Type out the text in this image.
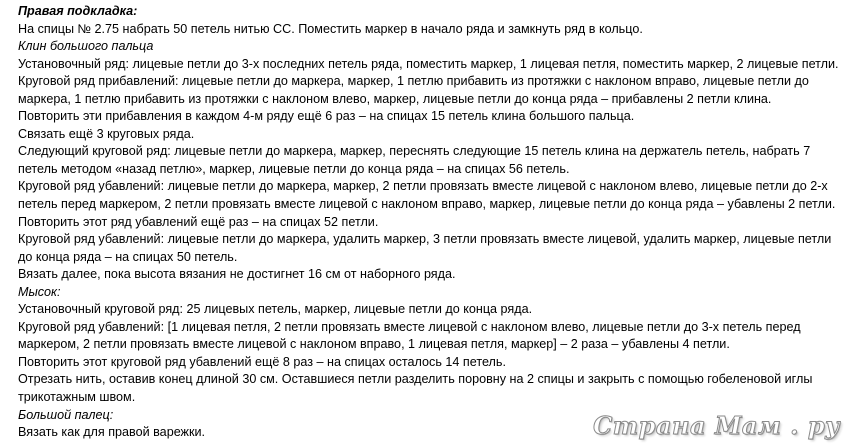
Правая подкладка:
На спицы № 2.75 набрать 50 петель нитью СС. Поместить маркер в начало ряда и замкнуть ряд в кольцо.
Клин большого пальца
Установочный ряд: лицевые петли до 3-х последних петель ряда, поместить маркер, 1 лицевая петля, поместить маркер, 2 лицевые петли.
Круговой ряд прибавлений: лицевые петли до маркера, маркер, 1 петлю прибавить из протяжки с наклоном вправо, лицевые петли до
маркера, 1 петлю прибавить из протяжки с наклоном влево, маркер, лицевые петли до конца ряда – прибавлены 2 петли клина.
Повторить эти прибавления в каждом 4-м ряду ещё 6 раз – на спицах 15 петель клина большого пальца.
Связать ещё 3 круговых ряда.
Следующий круговой ряд: лицевые петли до маркера, маркер, переснять следующие 15 петель клина на держатель петель, набрать 7
петель методом «назад петлю», маркер, лицевые петли до конца ряда – на спицах 56 петель.
Круговой ряд убавлений: лицевые петли до маркера, маркер, 2 петли провязать вместе лицевой с наклоном влево, лицевые петли до 2-х
петель перед маркером, 2 петли провязать вместе лицевой с наклоном вправо, маркер, лицевые петли до конца ряда – убавлены 2 петли.
Повторить этот ряд убавлений ещё раз – на спицах 52 петли.
Круговой ряд убавлений: лицевые петли до маркера, удалить маркер, 3 петли провязать вместе лицевой, удалить маркер, лицевые петли
до конца ряда – на спицах 50 петель.
Вязать далее, пока высота вязания не достигнет 16 см от наборного ряда.
Мысок:
Установочный круговой ряд: 25 лицевых петель, маркер, лицевые петли до конца ряда.
Круговой ряд убавлений: [1 лицевая петля, 2 петли провязать вместе лицевой с наклоном влево, лицевые петли до 3-х петель перед
маркером, 2 петли провязать вместе лицевой с наклоном вправо, 1 лицевая петля, маркер] – 2 раза – убавлены 4 петли.
Повторить этот круговой ряд убавлений ещё 8 раз – на спицах осталось 14 петель.
Отрезать нить, оставив конец длиной 30 см. Оставшиеся петли разделить поровну на 2 спицы и закрыть с помощью гобеленовой иглы
трикотажным швом.
Большой палец:
Вязать как для правой варежки.	Страна Мам . ру
